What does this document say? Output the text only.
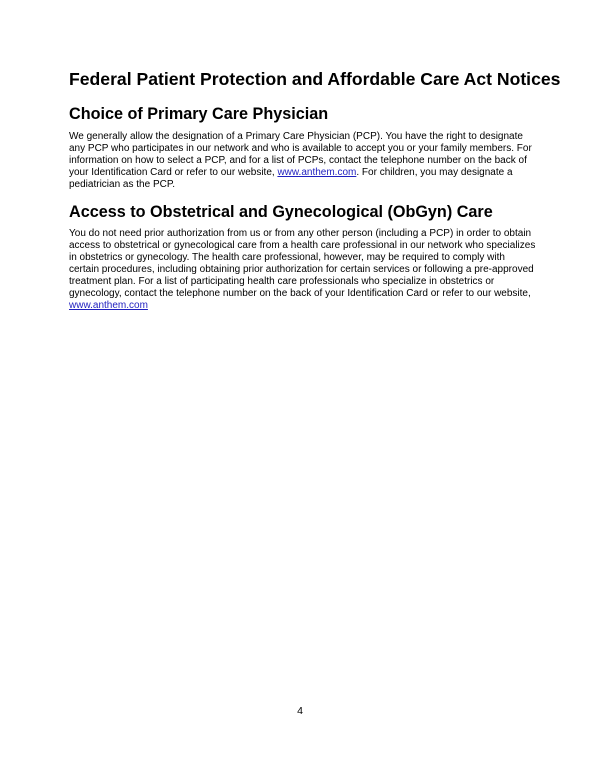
Federal Patient Protection and Affordable Care Act Notices
Choice of Primary Care Physician
We generally allow the designation of a Primary Care Physician (PCP). You have the right to designate
any PCP who participates in our network and who is available to accept you or your family members. For
information on how to select a PCP, and for a list of PCPs, contact the telephone number on the back of
your Identification Card or refer to our website, www.anthem.com. For children, you may designate a
pediatrician as the PCP.
Access to Obstetrical and Gynecological (ObGyn) Care
You do not need prior authorization from us or from any other person (including a PCP) in order to obtain
access to obstetrical or gynecological care from a health care professional in our network who specializes
in obstetrics or gynecology. The health care professional, however, may be required to comply with
certain procedures, including obtaining prior authorization for certain services or following a pre-approved
treatment plan. For a list of participating health care professionals who specialize in obstetrics or
gynecology, contact the telephone number on the back of your Identification Card or refer to our website,
www.anthem.com
4
